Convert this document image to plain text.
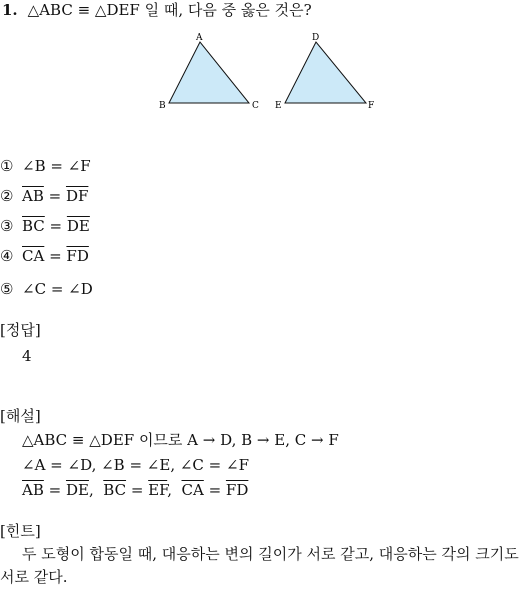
1. △ABC ≡ △DEF 일 때, 다음 중 옳은 것은?
A
B	C
D
E	F
① ∠B = ∠F
② $\overline{AB} = \overline{DF}$
③ $\overline{BC} = \overline{DE}$
④ $\overline{CA} = \overline{FD}$
⑤ ∠C = ∠D
[정답]
4
[해설]
△ABC ≡ △DEF 이므로 A → D, B → E, C → F
∠A = ∠D, ∠B = ∠E, ∠C = ∠F
$\overline{AB} = \overline{DE}$,  $\overline{BC} = \overline{EF}$,  $\overline{CA} = \overline{FD}$
[힌트]
두 도형이 합동일 때, 대응하는 변의 길이가 서로 같고, 대응하는 각의 크기도 서로 같다.
